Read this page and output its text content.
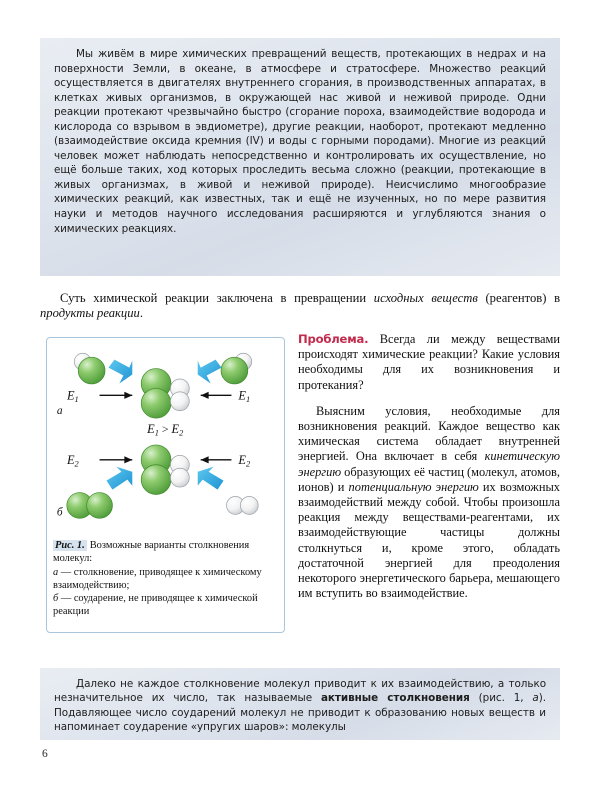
Мы живём в мире химических превращений веществ, протекающих в недрах и на поверхности Земли, в океане, в атмосфере и стратосфере. Множество реакций осуществляется в двигателях внутреннего сгорания, в производственных аппаратах, в клетках живых организмов, в окружающей нас живой и неживой природе. Одни реакции протекают чрезвычайно быстро (сгорание пороха, взаимодействие водорода и кислорода со взрывом в эвдиометре), другие реакции, наоборот, протекают медленно (взаимодействие оксида кремния (IV) и воды с горными породами). Многие из реакций человек может наблюдать непосредственно и контролировать их осуществление, но ещё больше таких, ход которых проследить весьма сложно (реакции, протекающие в живых организмах, в живой и неживой природе). Неисчислимо многообразие химических реакций, как известных, так и ещё не изученных, но по мере развития науки и методов научного исследования расширяются и углубляются знания о химических реакциях.

Суть химической реакции заключена в превращении исходных веществ (реагентов) в продукты реакции.

$E_1$	$E_1$
а
$E_1 > E_2$
$E_2$	$E_2$
б
Рис. 1. Возможные варианты столкновения молекул:
а — столкновение, приводящее к химическому взаимодействию;
б — соударение, не приводящее к химической реакции

Проблема. Всегда ли между веществами происходят химические реакции? Какие условия необходимы для их возникновения и протекания?

Выясним условия, необходимые для возникновения реакций. Каждое вещество как химическая система обладает внутренней энергией. Она включает в себя кинетическую энергию образующих её частиц (молекул, атомов, ионов) и потенциальную энергию их возможных взаимодействий между собой. Чтобы произошла реакция между веществами-реагентами, их взаимодействующие частицы должны столкнуться и, кроме этого, обладать достаточной энергией для преодоления некоторого энергетического барьера, мешающего им вступить во взаимодействие.

Далеко не каждое столкновение молекул приводит к их взаимодействию, а только незначительное их число, так называемые активные столкновения (рис. 1, а). Подавляющее число соударений молекул не приводит к образованию новых веществ и напоминает соударение «упругих шаров»: молекулы

6
